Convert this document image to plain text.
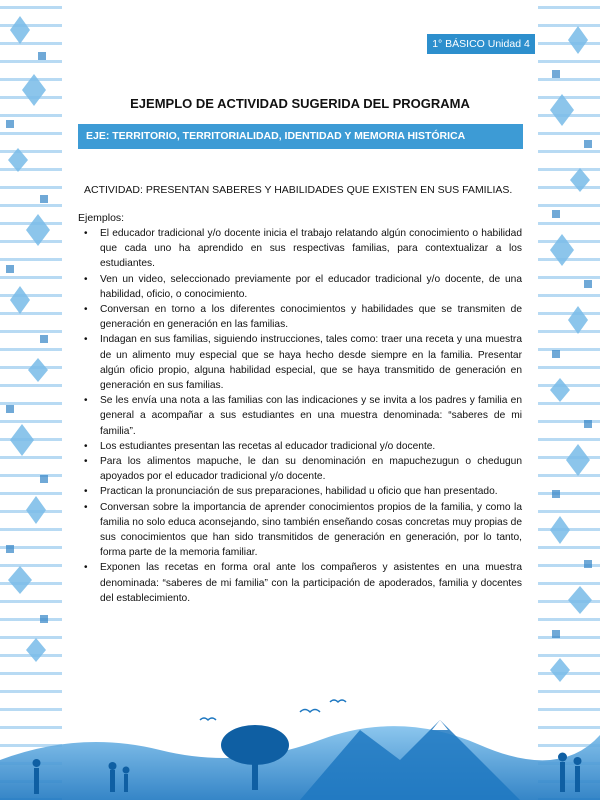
1° BÁSICO Unidad 4
EJEMPLO DE ACTIVIDAD SUGERIDA DEL PROGRAMA
EJE: TERRITORIO, TERRITORIALIDAD, IDENTIDAD Y MEMORIA HISTÓRICA
ACTIVIDAD: PRESENTAN SABERES Y HABILIDADES QUE EXISTEN EN SUS FAMILIAS.
Ejemplos:
• El educador tradicional y/o docente inicia el trabajo relatando algún conocimiento o habilidad que cada uno ha aprendido en sus respectivas familias, para contextualizar a los estudiantes.
• Ven un video, seleccionado previamente por el educador tradicional y/o docente, de una habilidad, oficio, o conocimiento.
• Conversan en torno a los diferentes conocimientos y habilidades que se transmiten de generación en generación en las familias.
• Indagan en sus familias, siguiendo instrucciones, tales como: traer una receta y una muestra de un alimento muy especial que se haya hecho desde siempre en la familia. Presentar algún oficio propio, alguna habilidad especial, que se haya transmitido de generación en generación en sus familias.
• Se les envía una nota a las familias con las indicaciones y se invita a los padres y familia en general a acompañar a sus estudiantes en una muestra denominada: “saberes de mi familia”.
• Los estudiantes presentan las recetas al educador tradicional y/o docente.
• Para los alimentos mapuche, le dan su denominación en mapuchezugun o chedugun apoyados por el educador tradicional y/o docente.
• Practican la pronunciación de sus preparaciones, habilidad u oficio que han presentado.
• Conversan sobre la importancia de aprender conocimientos propios de la familia, y como la familia no solo educa aconsejando, sino también enseñando cosas concretas muy propias de sus conocimientos que han sido transmitidos de generación en generación, por lo tanto, forma parte de la memoria familiar.
• Exponen las recetas en forma oral ante los compañeros y asistentes en una muestra denominada: “saberes de mi familia” con la participación de apoderados, familia y docentes del establecimiento.
